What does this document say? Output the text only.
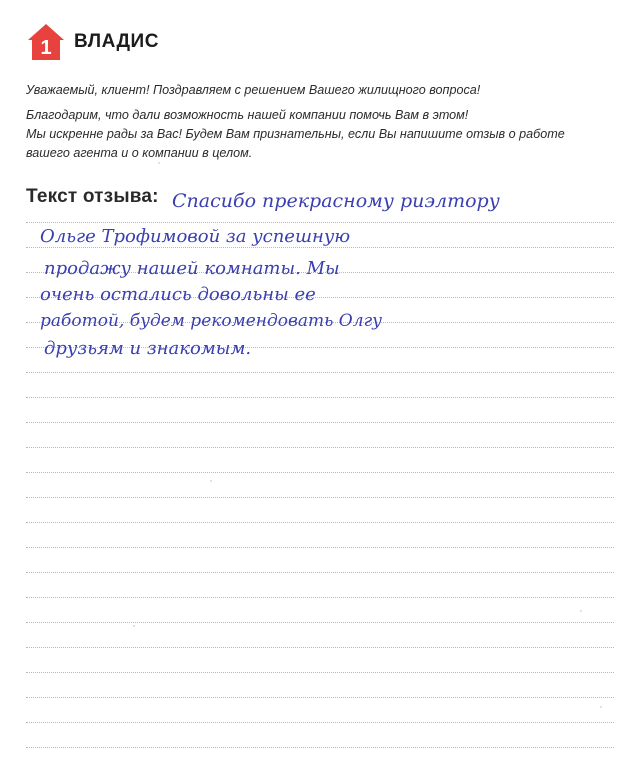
1 ВЛАДИС

Уважаемый, клиент! Поздравляем с решением Вашего жилищного вопроса!

Благодарим, что дали возможность нашей компании помочь Вам в этом!
Мы искренне рады за Вас! Будем Вам признательны, если Вы напишите отзыв о работе
вашего агента и о компании в целом.

Текст отзыва: Спасибо прекрасному риэлтору
Ольге Трофимовой за успешную
продажу нашей комнаты. Мы
очень остались довольны ее
работой, будем рекомендовать Олгу
друзьям и знакомым.
